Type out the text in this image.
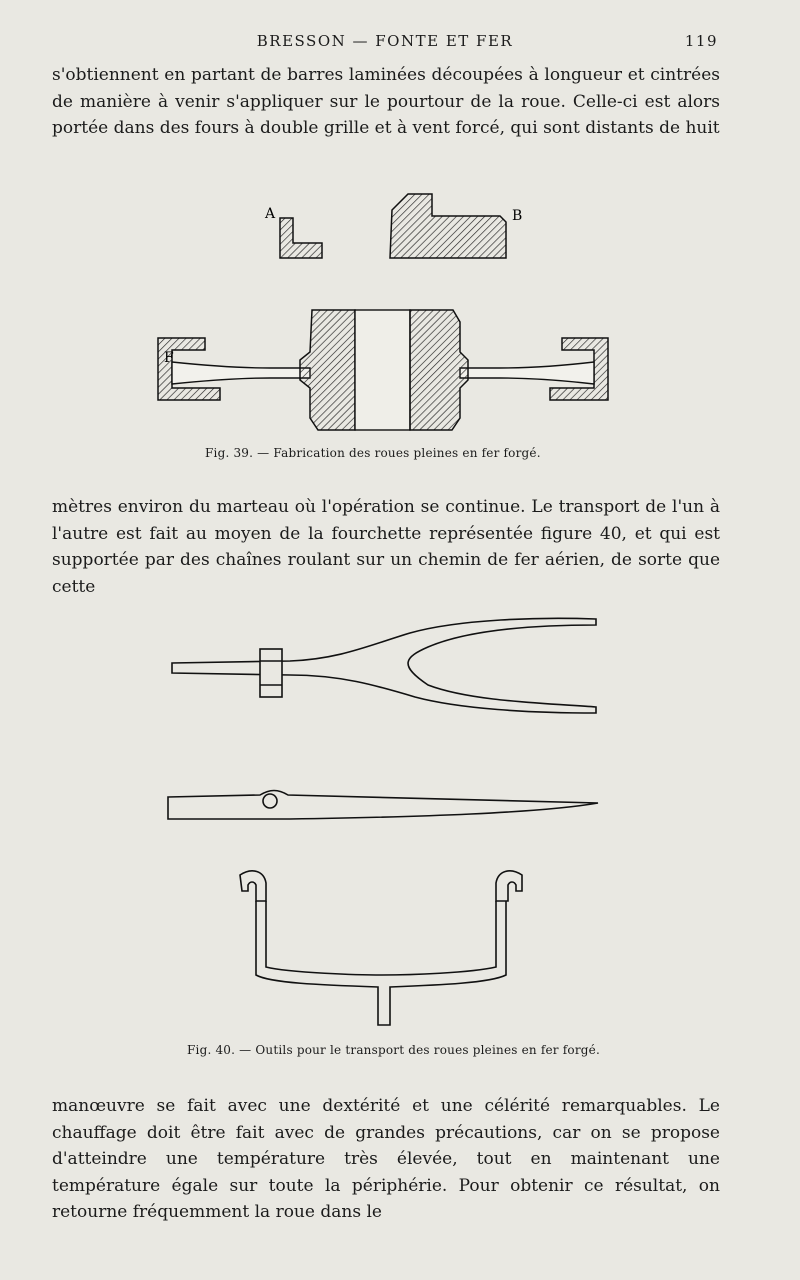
BRESSON — FONTE ET FER	119

s'obtiennent en partant de barres laminées découpées à longueur et cintrées de manière à venir s'appliquer sur le pourtour de la roue. Celle-ci est alors portée dans des fours à double grille et à vent forcé, qui sont distants de huit

A	B
F
Fig. 39. — Fabrication des roues pleines en fer forgé.

mètres environ du marteau où l'opération se continue. Le transport de l'un à l'autre est fait au moyen de la fourchette représentée figure 40, et qui est supportée par des chaînes roulant sur un chemin de fer aérien, de sorte que cette

Fig. 40. — Outils pour le transport des roues pleines en fer forgé.

manœuvre se fait avec une dextérité et une célérité remarquables. Le chauffage doit être fait avec de grandes précautions, car on se propose d'atteindre une température très élevée, tout en maintenant une température égale sur toute la périphérie. Pour obtenir ce résultat, on retourne fréquemment la roue dans le
